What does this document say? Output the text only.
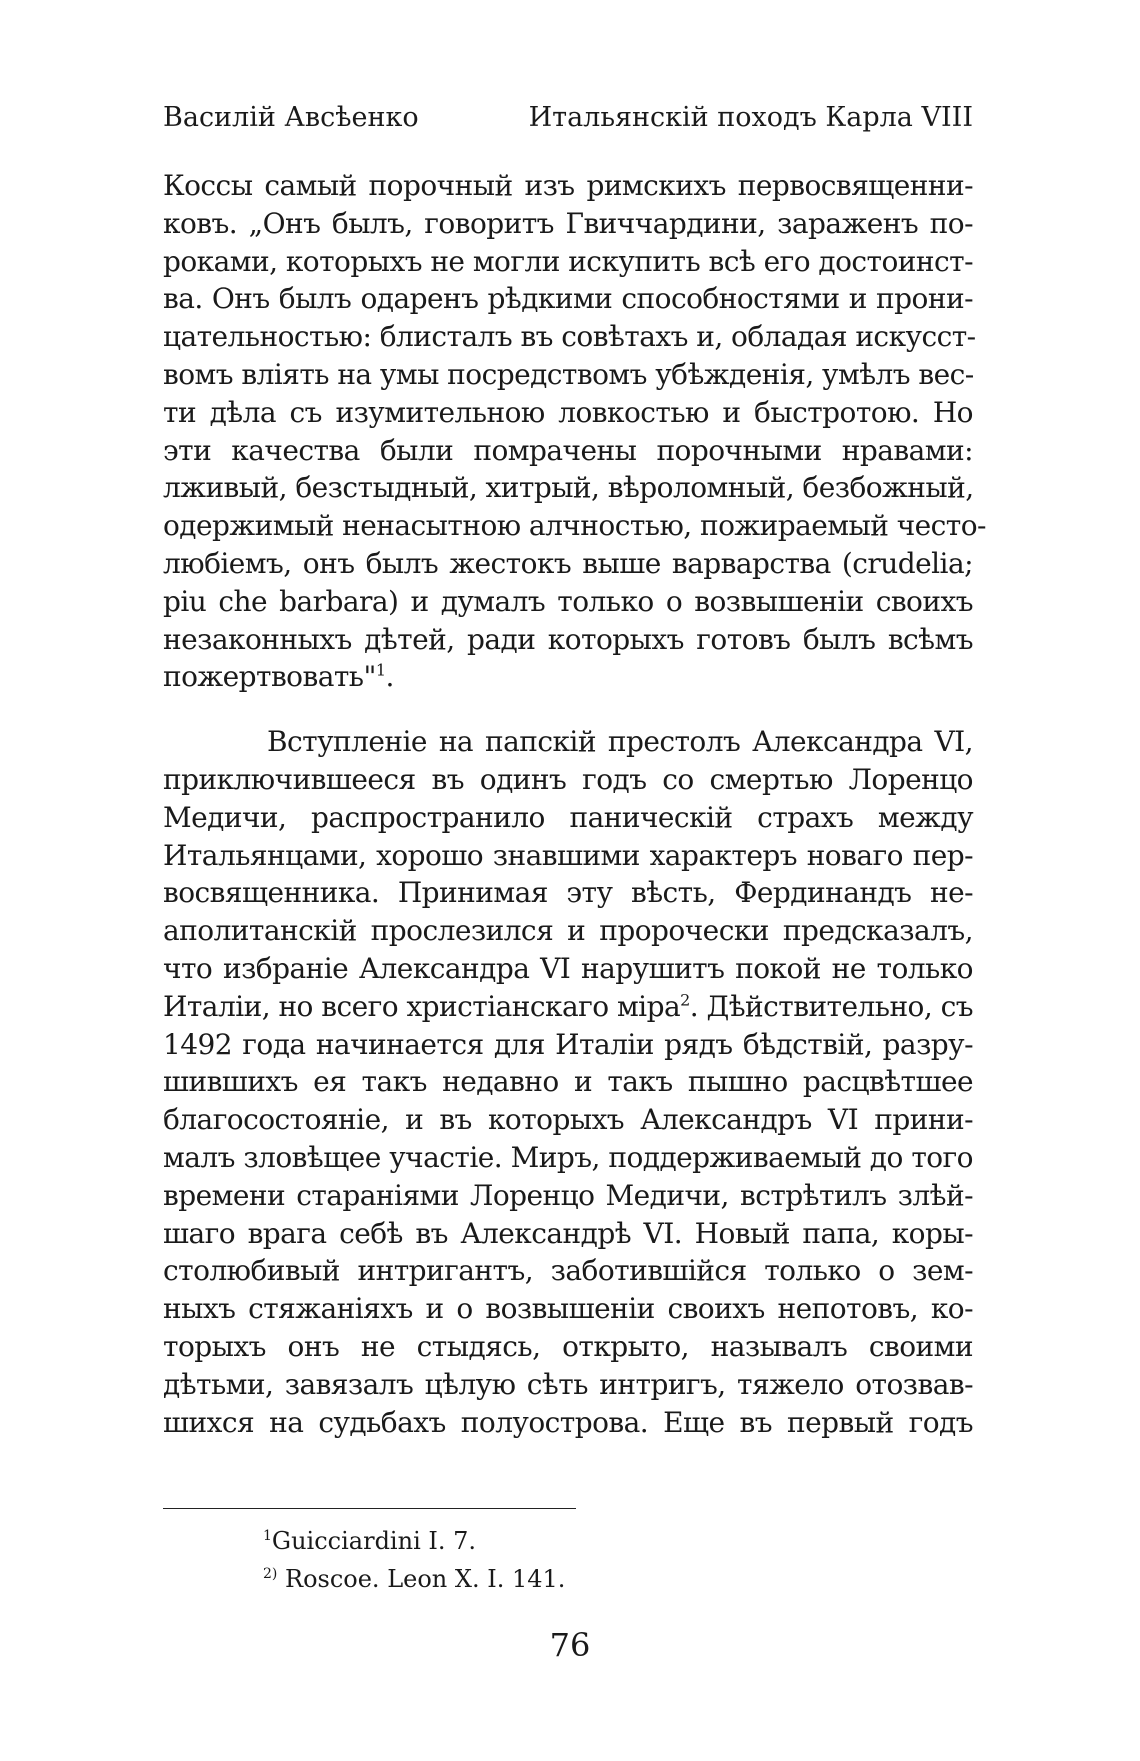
Василій Авсѣенко	Итальянскій походъ Карла VIII
Коссы самый порочный изъ римскихъ первосвященни-
ковъ. „Онъ былъ, говоритъ Гвиччардини, зараженъ по-
роками, которыхъ не могли искупить всѣ его достоинст-
ва. Онъ былъ одаренъ рѣдкими способностями и прони-
цательностью: блисталъ въ совѣтахъ и, обладая искусст-
вомъ вліять на умы посредствомъ убѣжденія, умѣлъ вес-
ти дѣла съ изумительною ловкостью и быстротою. Но
эти качества были помрачены порочными нравами:
лживый, безстыдный, хитрый, вѣроломный, безбожный,
одержимый ненасытною алчностью, пожираемый често-
любіемъ, онъ былъ жестокъ выше варварства (crudelia;
piu che barbara) и думалъ только о возвышеніи своихъ
незаконныхъ дѣтей, ради которыхъ готовъ былъ всѣмъ
пожертвовать"$^1$.
Вступленіе на папскій престолъ Александра VI,
приключившееся въ одинъ годъ со смертью Лоренцо
Медичи, распространило паническій страхъ между
Итальянцами, хорошо знавшими характеръ новаго пер-
восвященника. Принимая эту вѣсть, Фердинандъ не-
аполитанскій прослезился и пророчески предсказалъ,
что избраніе Александра VI нарушитъ покой не только
Италіи, но всего христіанскаго міра$^2$. Дѣйствительно, съ
1492 года начинается для Италіи рядъ бѣдствій, разру-
шившихъ ея такъ недавно и такъ пышно расцвѣтшее
благосостояніе, и въ которыхъ Александръ VI прини-
малъ зловѣщее участіе. Миръ, поддерживаемый до того
времени стараніями Лоренцо Медичи, встрѣтилъ злѣй-
шаго врага себѣ въ Александрѣ VI. Новый папа, коры-
столюбивый интригантъ, заботившійся только о зем-
ныхъ стяжаніяхъ и о возвышеніи своихъ непотовъ, ко-
торыхъ онъ не стыдясь, открыто, называлъ своими
дѣтьми, завязалъ цѣлую сѣть интригъ, тяжело отозвав-
шихся на судьбахъ полуострова. Еще въ первый годъ
$^1$Guicciardini I. 7.
$^{2)}$ Roscoe. Leon X. I. 141.
76
